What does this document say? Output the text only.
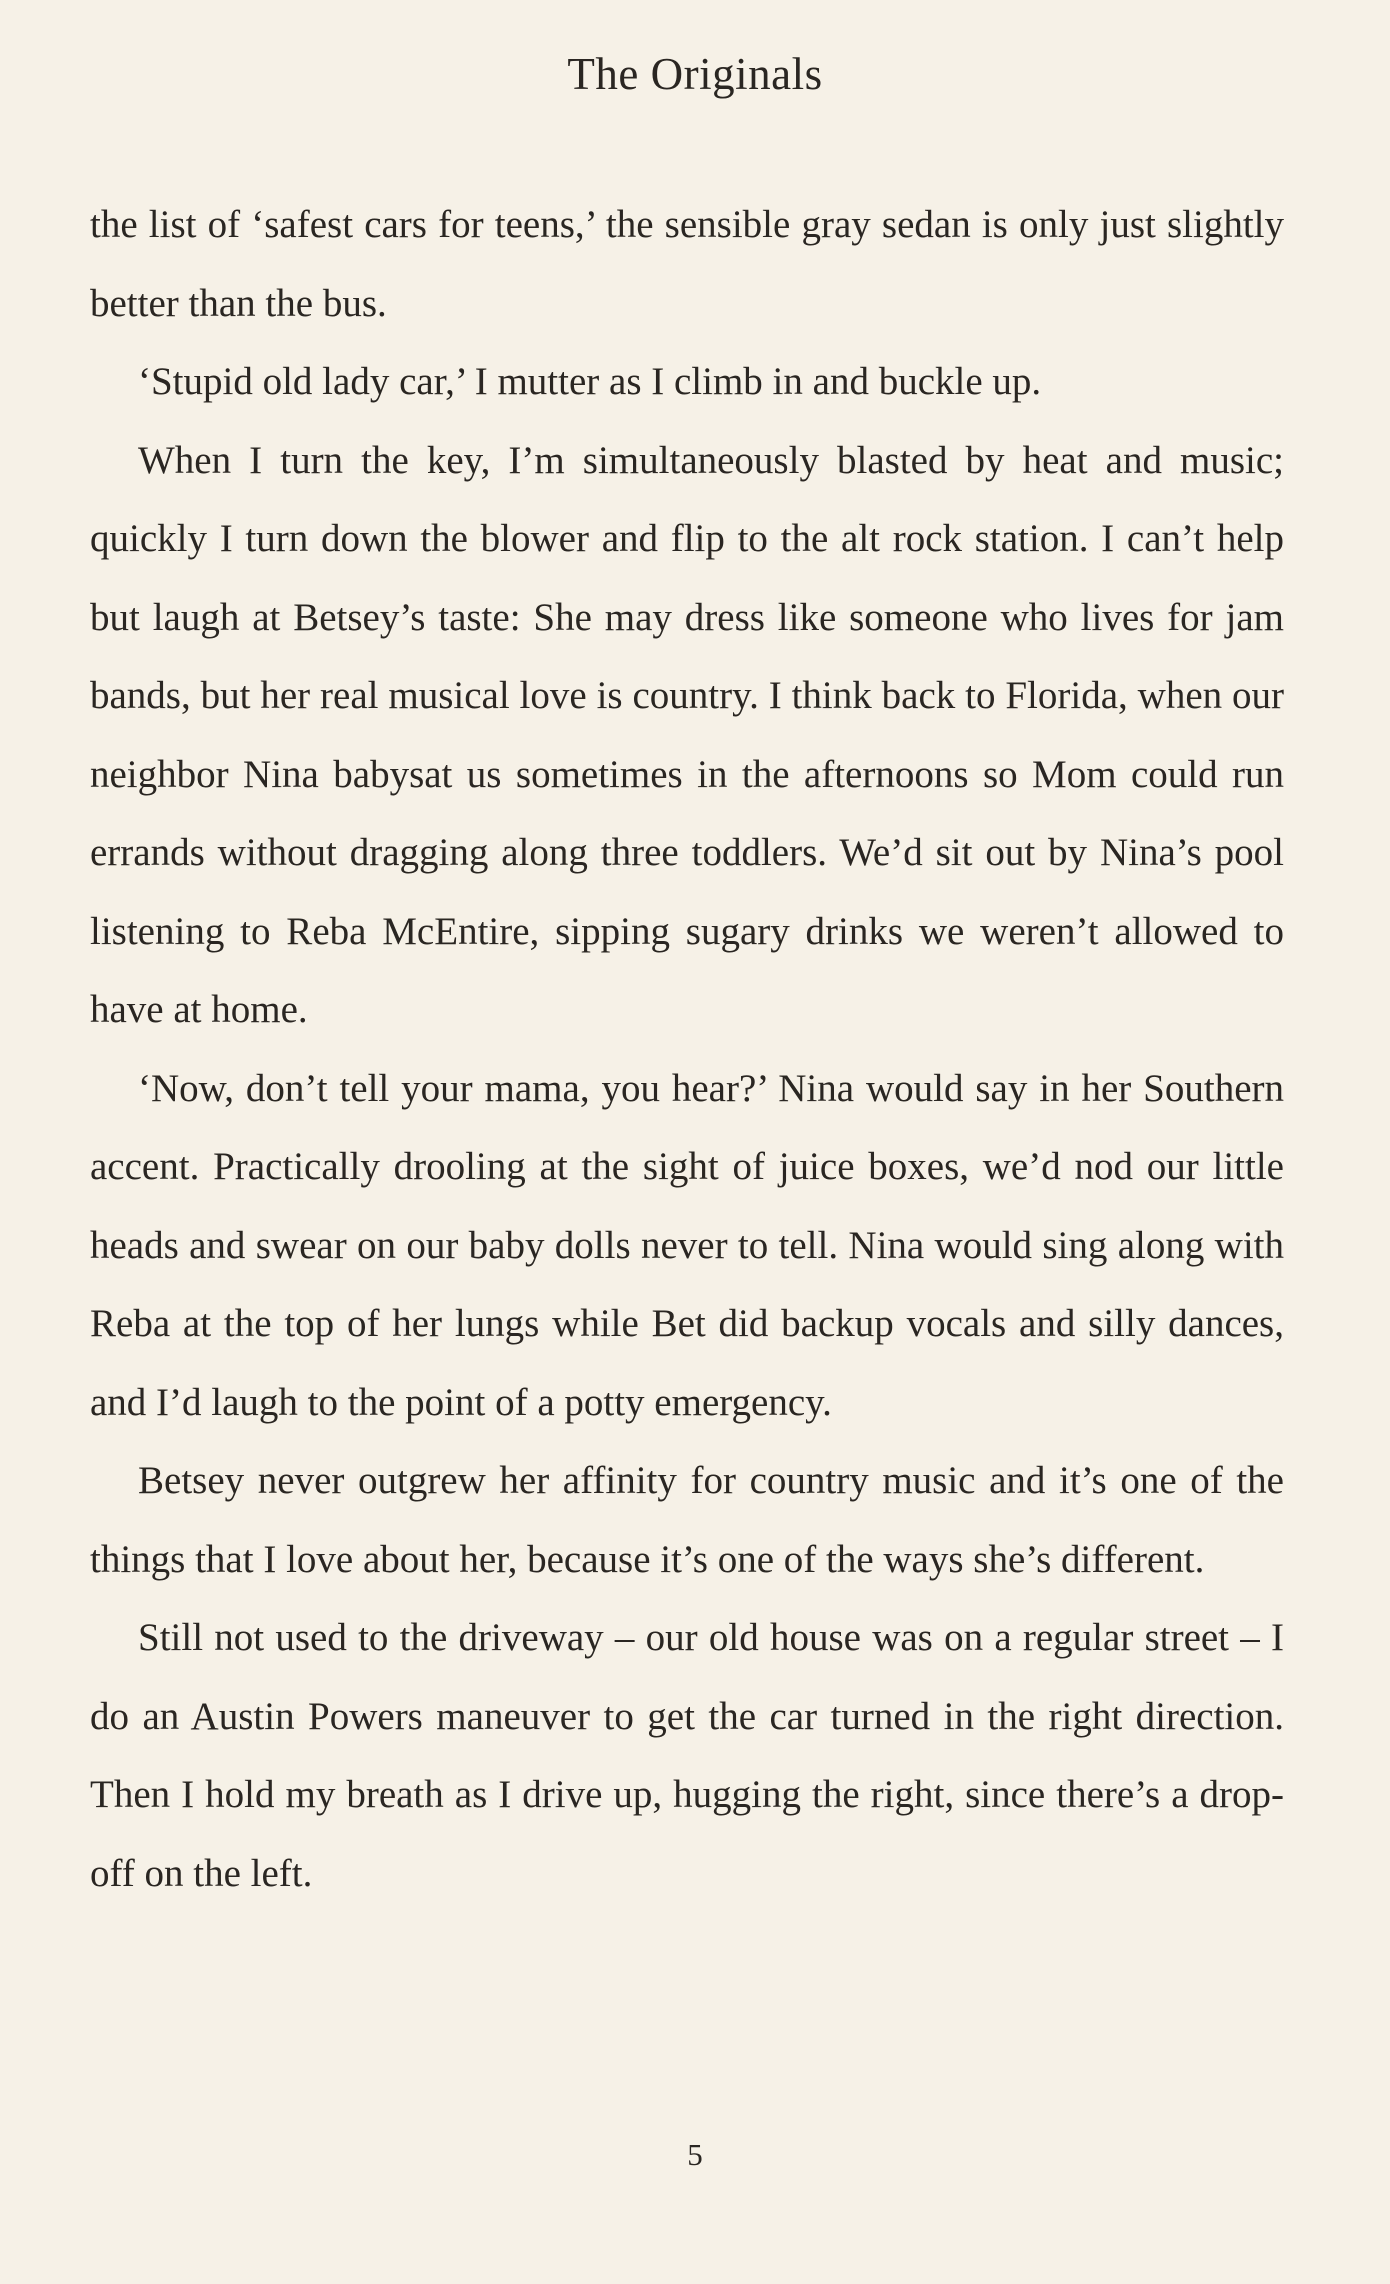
The Originals

the list of ‘safest cars for teens,’ the sensible gray sedan is only just slightly better than the bus.

‘Stupid old lady car,’ I mutter as I climb in and buckle up.

When I turn the key, I’m simultaneously blasted by heat and music; quickly I turn down the blower and flip to the alt rock station. I can’t help but laugh at Betsey’s taste: She may dress like someone who lives for jam bands, but her real musical love is country. I think back to Florida, when our neighbor Nina babysat us sometimes in the afternoons so Mom could run errands without dragging along three toddlers. We’d sit out by Nina’s pool listening to Reba McEntire, sipping sugary drinks we weren’t allowed to have at home.

‘Now, don’t tell your mama, you hear?’ Nina would say in her Southern accent. Practically drooling at the sight of juice boxes, we’d nod our little heads and swear on our baby dolls never to tell. Nina would sing along with Reba at the top of her lungs while Bet did backup vocals and silly dances, and I’d laugh to the point of a potty emergency.

Betsey never outgrew her affinity for country music and it’s one of the things that I love about her, because it’s one of the ways she’s different.

Still not used to the driveway – our old house was on a regular street – I do an Austin Powers maneuver to get the car turned in the right direction. Then I hold my breath as I drive up, hugging the right, since there’s a drop-off on the left.

5
